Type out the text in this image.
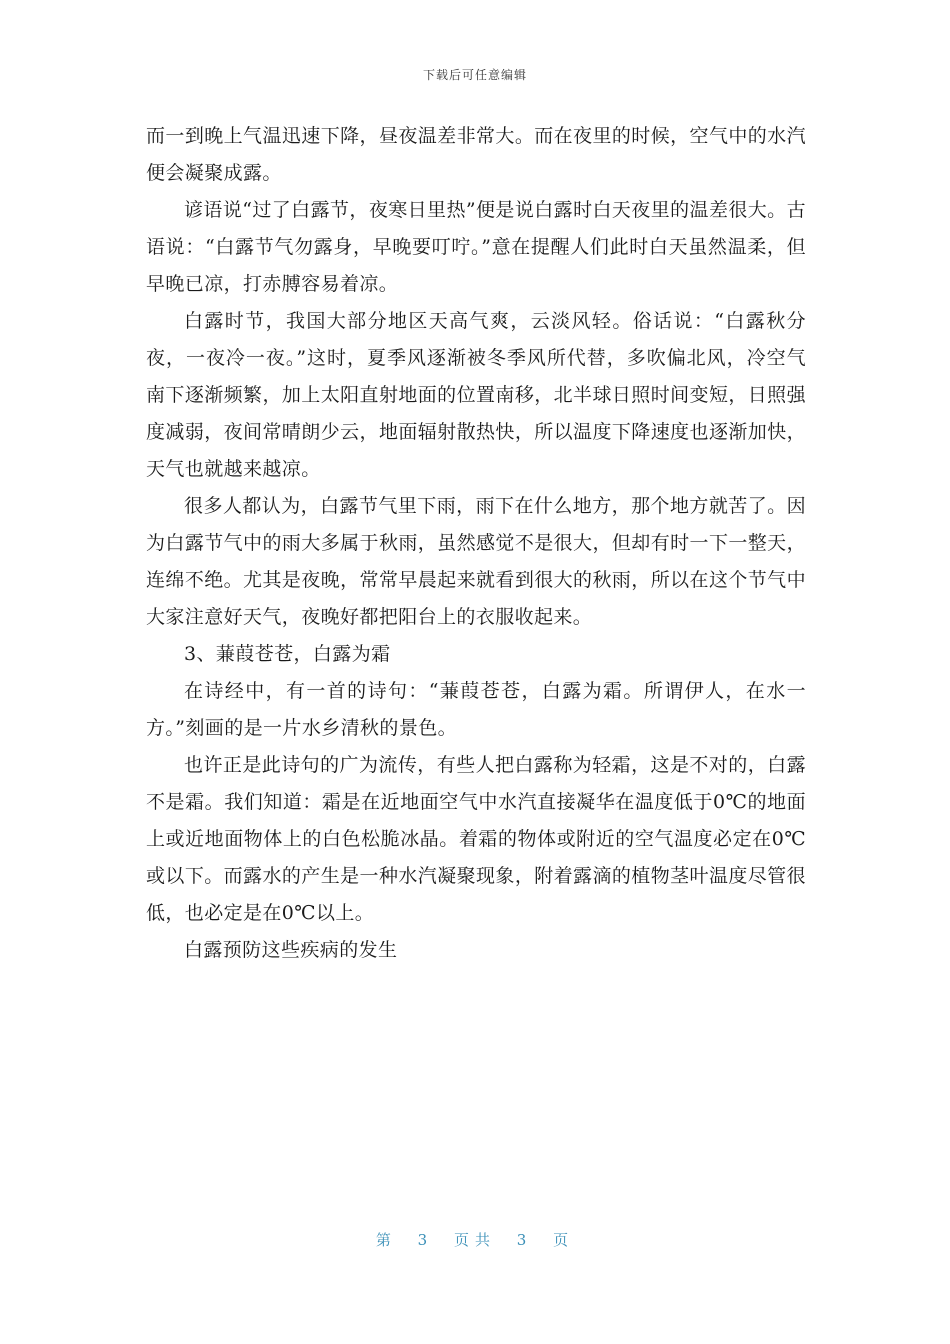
下载后可任意编辑

而一到晚上气温迅速下降，昼夜温差非常大。而在夜里的时候，空气中的水汽便会凝聚成露。

谚语说“过了白露节，夜寒日里热”便是说白露时白天夜里的温差很大。古语说：“白露节气勿露身，早晚要叮咛。”意在提醒人们此时白天虽然温柔，但早晚已凉，打赤膊容易着凉。

白露时节，我国大部分地区天高气爽，云淡风轻。俗话说：“白露秋分夜，一夜冷一夜。”这时，夏季风逐渐被冬季风所代替，多吹偏北风，冷空气南下逐渐频繁，加上太阳直射地面的位置南移，北半球日照时间变短，日照强度减弱，夜间常晴朗少云，地面辐射散热快，所以温度下降速度也逐渐加快，天气也就越来越凉。

很多人都认为，白露节气里下雨，雨下在什么地方，那个地方就苦了。因为白露节气中的雨大多属于秋雨，虽然感觉不是很大，但却有时一下一整天，连绵不绝。尤其是夜晚，常常早晨起来就看到很大的秋雨，所以在这个节气中大家注意好天气，夜晚好都把阳台上的衣服收起来。

3、蒹葭苍苍，白露为霜

在诗经中，有一首的诗句：“蒹葭苍苍，白露为霜。所谓伊人，在水一方。”刻画的是一片水乡清秋的景色。

也许正是此诗句的广为流传，有些人把白露称为轻霜，这是不对的，白露不是霜。我们知道：霜是在近地面空气中水汽直接凝华在温度低于0℃的地面上或近地面物体上的白色松脆冰晶。着霜的物体或附近的空气温度必定在0℃或以下。而露水的产生是一种水汽凝聚现象，附着露滴的植物茎叶温度尽管很低，也必定是在0℃以上。

白露预防这些疾病的发生

第 3 页共 3 页
